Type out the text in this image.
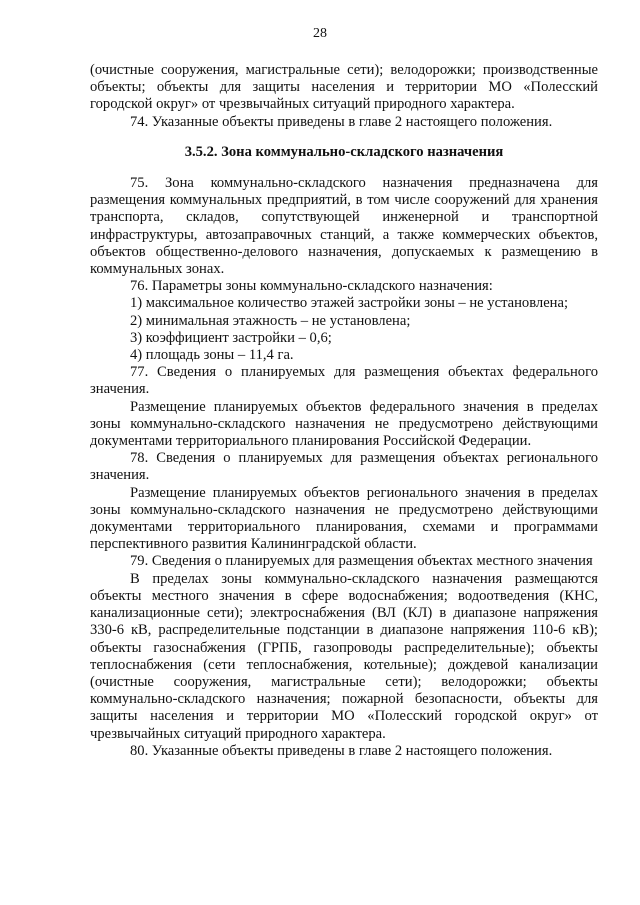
28

(очистные сооружения, магистральные сети); велодорожки; производственные объекты; объекты для защиты населения и территории МО «Полесский городской округ» от чрезвычайных ситуаций природного характера.

74. Указанные объекты приведены в главе 2 настоящего положения.

3.5.2. Зона коммунально-складского назначения

75. Зона коммунально-складского назначения предназначена для размещения коммунальных предприятий, в том числе сооружений для хранения транспорта, складов, сопутствующей инженерной и транспортной инфраструктуры, автозаправочных станций, а также коммерческих объектов, объектов общественно-делового назначения, допускаемых к размещению в коммунальных зонах.

76. Параметры зоны коммунально-складского назначения:

1) максимальное количество этажей застройки зоны – не установлена;

2) минимальная этажность – не установлена;

3) коэффициент застройки – 0,6;

4) площадь зоны – 11,4 га.

77. Сведения о планируемых для размещения объектах федерального значения.

Размещение планируемых объектов федерального значения в пределах зоны коммунально-складского назначения не предусмотрено действующими документами территориального планирования Российской Федерации.

78. Сведения о планируемых для размещения объектах регионального значения.

Размещение планируемых объектов регионального значения в пределах зоны коммунально-складского назначения не предусмотрено действующими документами территориального планирования, схемами и программами перспективного развития Калининградской области.

79. Сведения о планируемых для размещения объектах местного значения

В пределах зоны коммунально-складского назначения размещаются объекты местного значения в сфере водоснабжения; водоотведения (КНС, канализационные сети); электроснабжения (ВЛ (КЛ) в диапазоне напряжения 330-6 кВ, распределительные подстанции в диапазоне напряжения 110-6 кВ); объекты газоснабжения (ГРПБ, газопроводы распределительные); объекты теплоснабжения (сети теплоснабжения, котельные); дождевой канализации (очистные сооружения, магистральные сети); велодорожки; объекты коммунально-складского назначения; пожарной безопасности, объекты для защиты населения и территории МО «Полесский городской округ» от чрезвычайных ситуаций природного характера.

80. Указанные объекты приведены в главе 2 настоящего положения.
